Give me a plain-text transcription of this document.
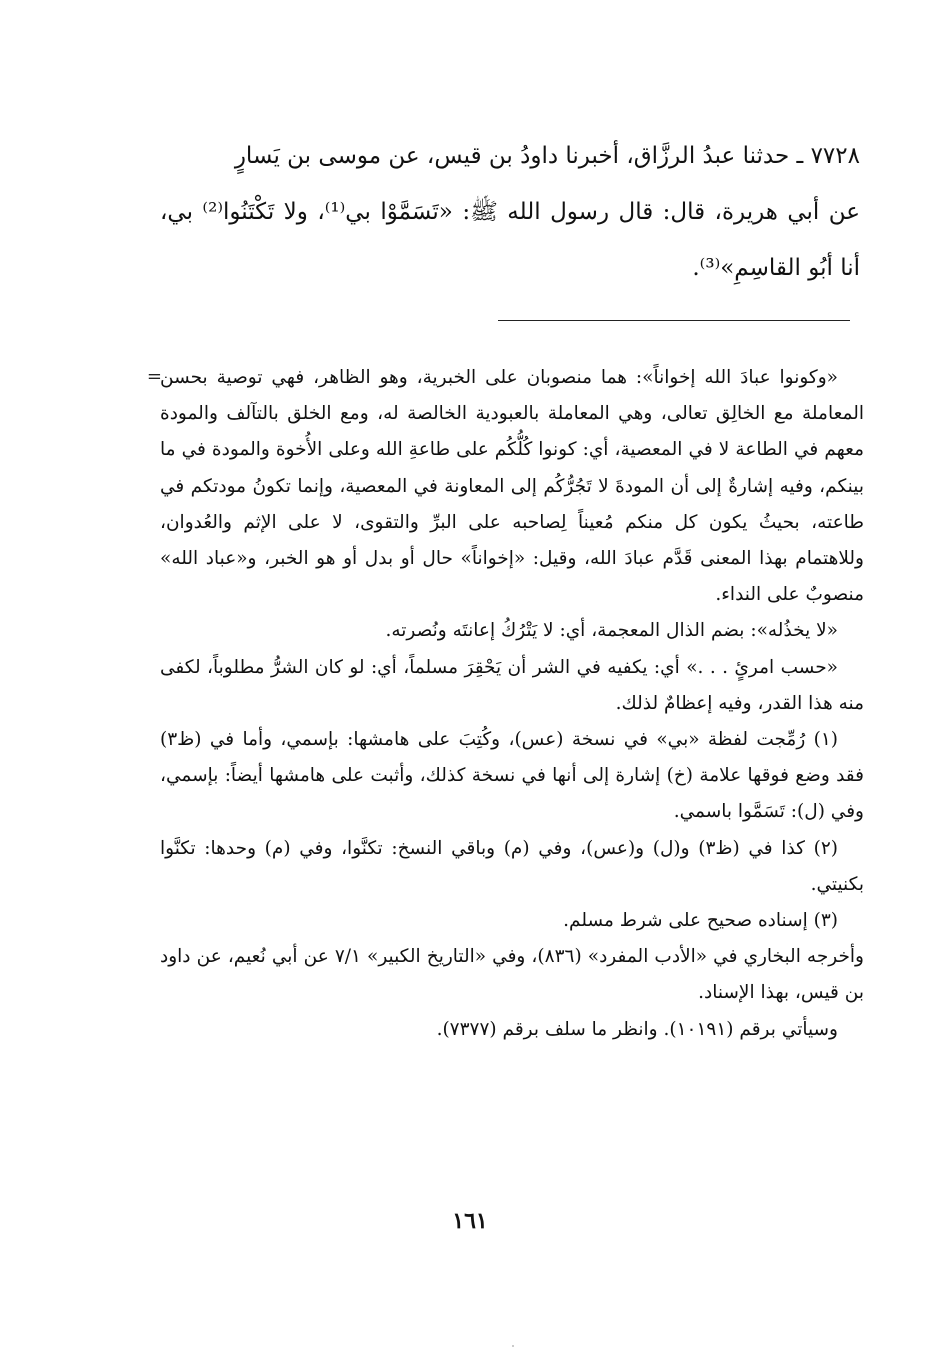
٧٧٢٨ ـ حدثنا عبدُ الرزَّاق، أخبرنا داودُ بن قيس، عن موسى بن يَسارٍ

عن أبي هريرة، قال: قال رسول الله ﷺ: «تَسَمَّوْا بي⁽¹⁾، ولا تَكْتَنُوا⁽²⁾ بي، أنا أبُو القاسِمِ»⁽³⁾.

=

«وكونوا عبادَ الله إخواناً»: هما منصوبان على الخبرية، وهو الظاهر، فهي توصية بحسن المعاملة مع الخالِق تعالى، وهي المعاملة بالعبودية الخالصة له، ومع الخلق بالتآلف والمودة معهم في الطاعة لا في المعصية، أي: كونوا كُلُّكُم على طاعةِ الله وعلى الأُخوة والمودة في ما بينكم، وفيه إشارةٌ إلى أن المودةَ لا تَجُرُّكُم إلى المعاونة في المعصية، وإنما تكونُ مودتكم في طاعته، بحيثُ يكون كل منكم مُعيناً لِصاحبه على البرِّ والتقوى، لا على الإثم والعُدوان، وللاهتمام بهذا المعنى قَدَّم عبادَ الله، وقيل: «إخواناً» حال أو بدل أو هو الخبر، و«عباد الله» منصوبٌ على النداء.

«لا يخذُله»: بضم الذال المعجمة، أي: لا يَتْرُكُ إعانتَه ونُصرته.

«حسب امرئٍ . . .» أي: يكفيه في الشر أن يَحْقِرَ مسلماً، أي: لو كان الشرُّ مطلوباً، لكفى منه هذا القدر، وفيه إعظامٌ لذلك.

(١) رُمِّجت لفظة «بي» في نسخة (عس)، وكُتِبَ على هامشها: بإسمي، وأما في (ظ٣) فقد وضع فوقها علامة (خ) إشارة إلى أنها في نسخة كذلك، وأثبت على هامشها أيضاً: بإسمي، وفي (ل): تَسَمَّوا باسمي.

(٢) كذا في (ظ٣) و(ل) و(عس)، وفي (م) وباقي النسخ: تكنَّوا، وفي (م) وحدها: تكنَّوا بكنيتي.

(٣) إسناده صحيح على شرط مسلم.

وأخرجه البخاري في «الأدب المفرد» (٨٣٦)، وفي «التاريخ الكبير» ٧/١ عن أبي نُعيم، عن داود بن قيس، بهذا الإسناد.

وسيأتي برقم (١٠١٩١). وانظر ما سلف برقم (٧٣٧٧).

١٦١
